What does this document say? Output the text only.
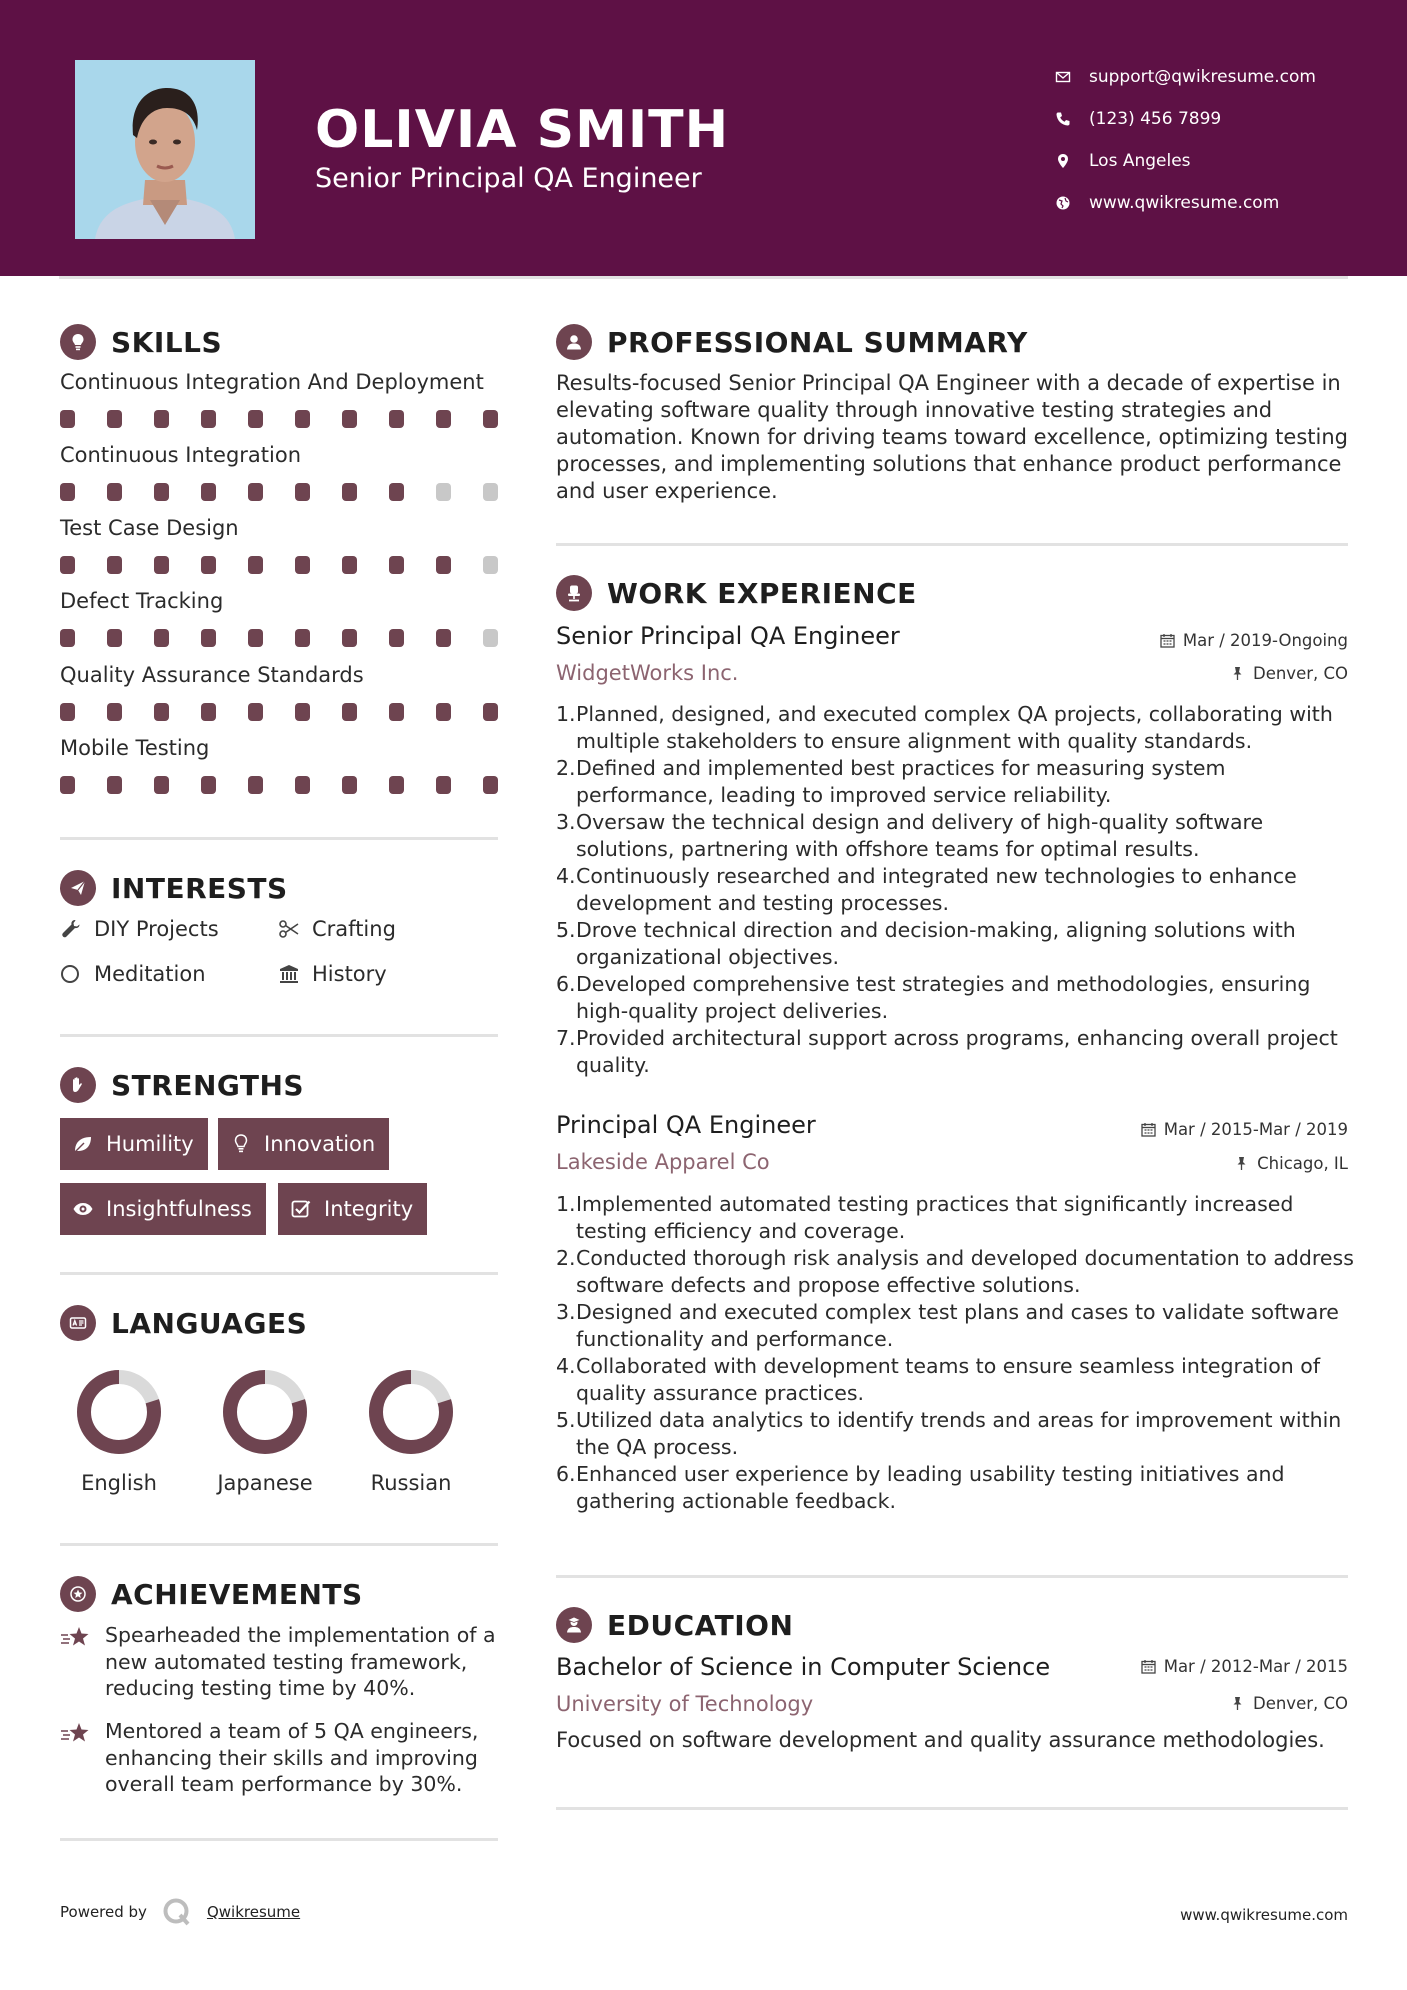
OLIVIA SMITH
Senior Principal QA Engineer
support@qwikresume.com
(123) 456 7899
Los Angeles
www.qwikresume.com
SKILLS
Continuous Integration And Deployment
Continuous Integration
Test Case Design
Defect Tracking
Quality Assurance Standards
Mobile Testing
INTERESTS
DIY Projects	Crafting
Meditation	History
STRENGTHS
Humility	Innovation
Insightfulness	Integrity
LANGUAGES
English	Japanese	Russian
ACHIEVEMENTS
Spearheaded the implementation of a new automated testing framework, reducing testing time by 40%.
Mentored a team of 5 QA engineers, enhancing their skills and improving overall team performance by 30%.
PROFESSIONAL SUMMARY
Results-focused Senior Principal QA Engineer with a decade of expertise in elevating software quality through innovative testing strategies and automation. Known for driving teams toward excellence, optimizing testing processes, and implementing solutions that enhance product performance and user experience.
WORK EXPERIENCE
Senior Principal QA Engineer	Mar / 2019-Ongoing
WidgetWorks Inc.	Denver, CO
1. Planned, designed, and executed complex QA projects, collaborating with multiple stakeholders to ensure alignment with quality standards.
2. Defined and implemented best practices for measuring system performance, leading to improved service reliability.
3. Oversaw the technical design and delivery of high-quality software solutions, partnering with offshore teams for optimal results.
4. Continuously researched and integrated new technologies to enhance development and testing processes.
5. Drove technical direction and decision-making, aligning solutions with organizational objectives.
6. Developed comprehensive test strategies and methodologies, ensuring high-quality project deliveries.
7. Provided architectural support across programs, enhancing overall project quality.
Principal QA Engineer	Mar / 2015-Mar / 2019
Lakeside Apparel Co	Chicago, IL
1. Implemented automated testing practices that significantly increased testing efficiency and coverage.
2. Conducted thorough risk analysis and developed documentation to address software defects and propose effective solutions.
3. Designed and executed complex test plans and cases to validate software functionality and performance.
4. Collaborated with development teams to ensure seamless integration of quality assurance practices.
5. Utilized data analytics to identify trends and areas for improvement within the QA process.
6. Enhanced user experience by leading usability testing initiatives and gathering actionable feedback.
EDUCATION
Bachelor of Science in Computer Science	Mar / 2012-Mar / 2015
University of Technology	Denver, CO
Focused on software development and quality assurance methodologies.
Powered by	Qwikresume	www.qwikresume.com
